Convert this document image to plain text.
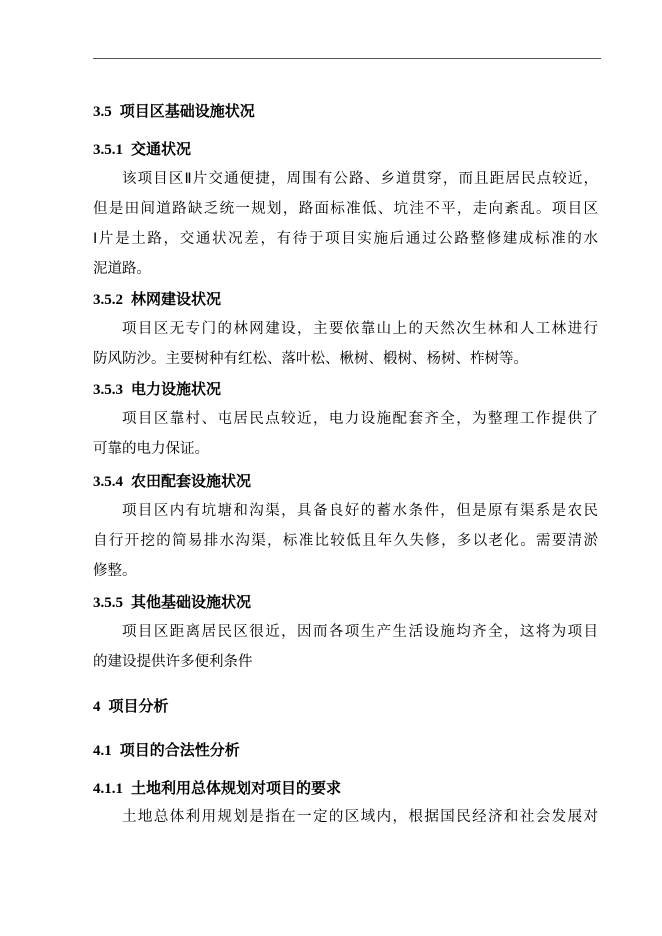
3.5 项目区基础设施状况
3.5.1 交通状况
该项目区Ⅱ片交通便捷，周围有公路、乡道贯穿，而且距居民点较近，
但是田间道路缺乏统一规划，路面标准低、坑洼不平，走向紊乱。项目区
Ⅰ片是土路，交通状况差，有待于项目实施后通过公路整修建成标准的水
泥道路。
3.5.2 林网建设状况
项目区无专门的林网建设，主要依靠山上的天然次生林和人工林进行
防风防沙。主要树种有红松、落叶松、楸树、椴树、杨树、柞树等。
3.5.3 电力设施状况
项目区靠村、屯居民点较近，电力设施配套齐全，为整理工作提供了
可靠的电力保证。
3.5.4 农田配套设施状况
项目区内有坑塘和沟渠，具备良好的蓄水条件，但是原有渠系是农民
自行开挖的简易排水沟渠，标准比较低且年久失修，多以老化。需要清淤
修整。
3.5.5 其他基础设施状况
项目区距离居民区很近，因而各项生产生活设施均齐全，这将为项目
的建设提供许多便利条件
4 项目分析
4.1 项目的合法性分析
4.1.1 土地利用总体规划对项目的要求
土地总体利用规划是指在一定的区域内，根据国民经济和社会发展对
